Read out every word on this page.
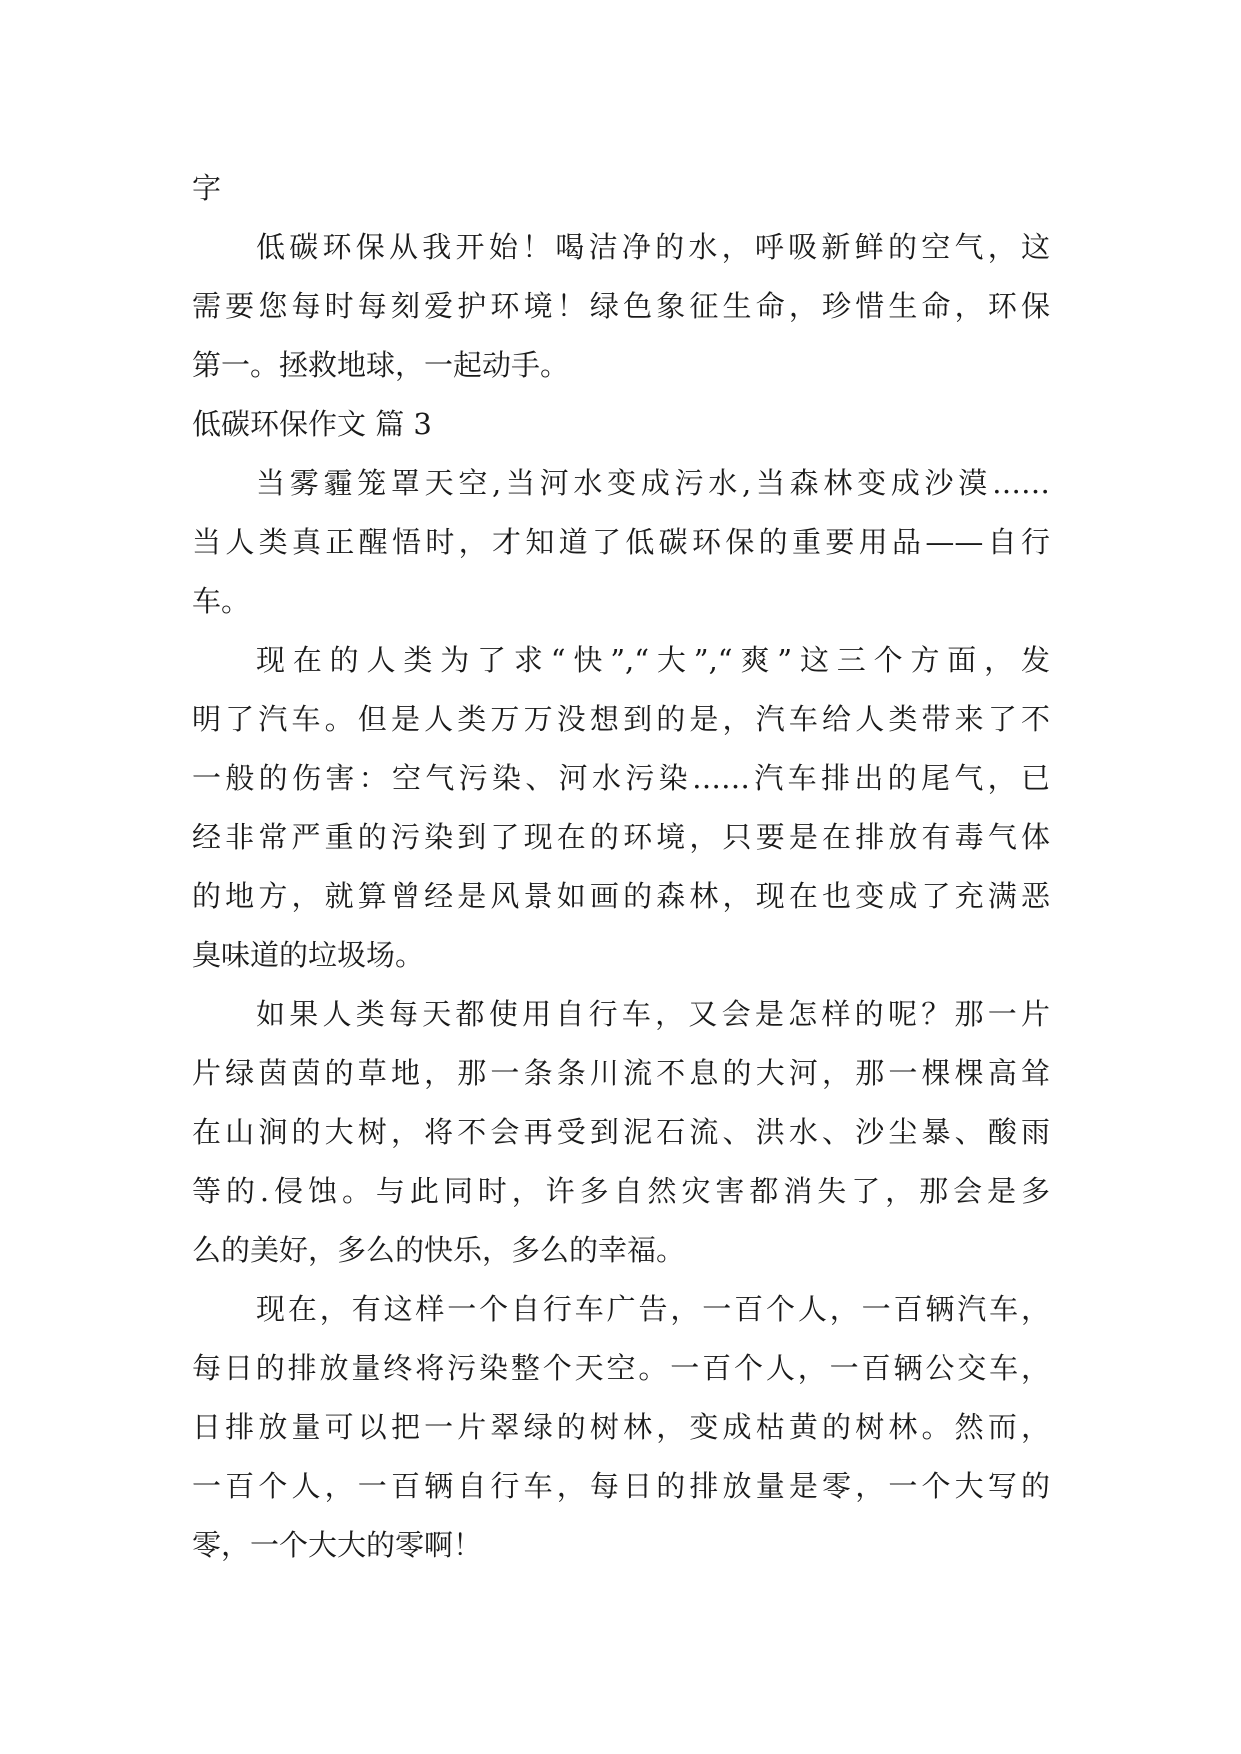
字
低碳环保从我开始！喝洁净的水，呼吸新鲜的空气，这
需要您每时每刻爱护环境！绿色象征生命，珍惜生命，环保
第一。拯救地球，一起动手。
低碳环保作文 篇 3
当雾霾笼罩天空,当河水变成污水,当森林变成沙漠……
当人类真正醒悟时，才知道了低碳环保的重要用品——自行
车。
现在的人类为了求“快”,“大”,“爽”这三个方面，发
明了汽车。但是人类万万没想到的是，汽车给人类带来了不
一般的伤害：空气污染、河水污染……汽车排出的尾气，已
经非常严重的污染到了现在的环境，只要是在排放有毒气体
的地方，就算曾经是风景如画的森林，现在也变成了充满恶
臭味道的垃圾场。
如果人类每天都使用自行车，又会是怎样的呢？那一片
片绿茵茵的草地，那一条条川流不息的大河，那一棵棵高耸
在山涧的大树，将不会再受到泥石流、洪水、沙尘暴、酸雨
等的.侵蚀。与此同时，许多自然灾害都消失了，那会是多
么的美好，多么的快乐，多么的幸福。
现在，有这样一个自行车广告，一百个人，一百辆汽车，
每日的排放量终将污染整个天空。一百个人，一百辆公交车，
日排放量可以把一片翠绿的树林，变成枯黄的树林。然而，
一百个人，一百辆自行车，每日的排放量是零，一个大写的
零，一个大大的零啊！
